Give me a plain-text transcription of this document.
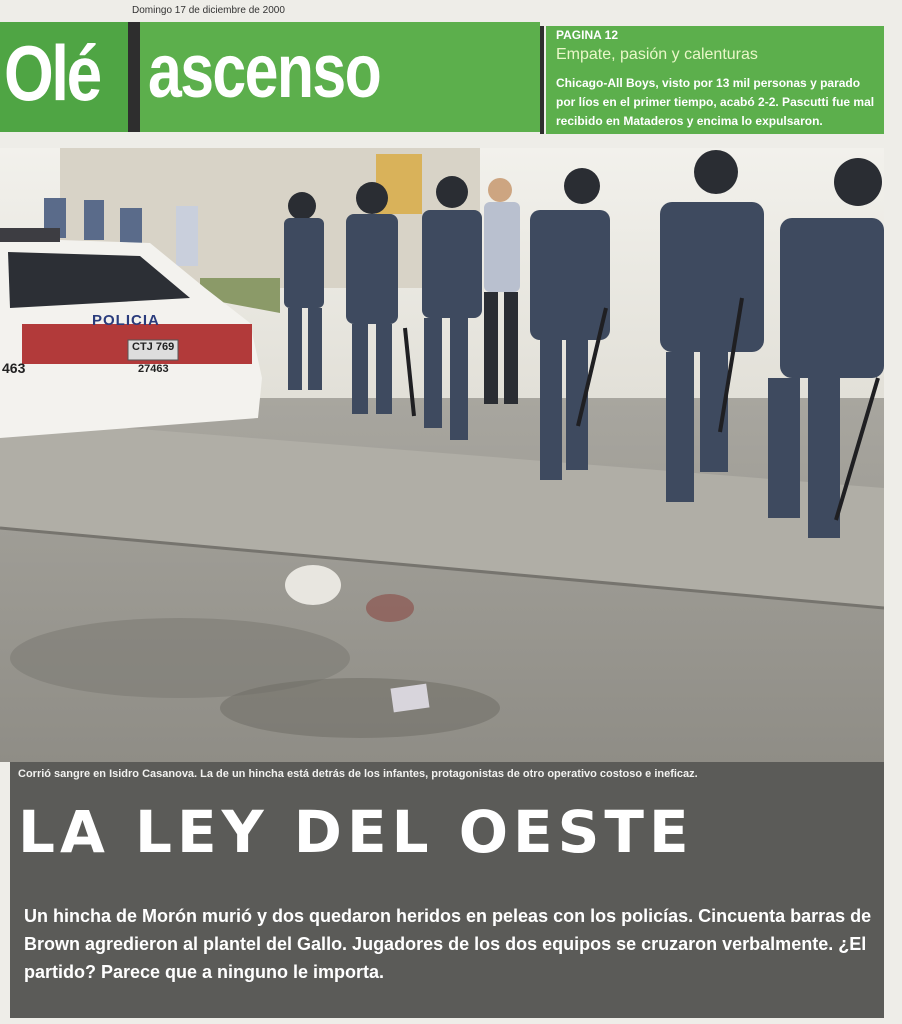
Domingo 17 de diciembre de 2000
Olé ascenso	PAGINA 12
Empate, pasión y calenturas
Chicago-All Boys, visto por 13 mil personas y parado por líos en el primer tiempo, acabó 2-2. Pascutti fue mal recibido en Mataderos y encima lo expulsaron.
POLICIA
CTJ 769
27463
463
Corrió sangre en Isidro Casanova. La de un hincha está detrás de los infantes, protagonistas de otro operativo costoso e ineficaz.
LA LEY DEL OESTE
Un hincha de Morón murió y dos quedaron heridos en peleas con los policías. Cincuenta barras de Brown agredieron al plantel del Gallo. Jugadores de los dos equipos se cruzaron verbalmente. ¿El partido? Parece que a ninguno le importa.
